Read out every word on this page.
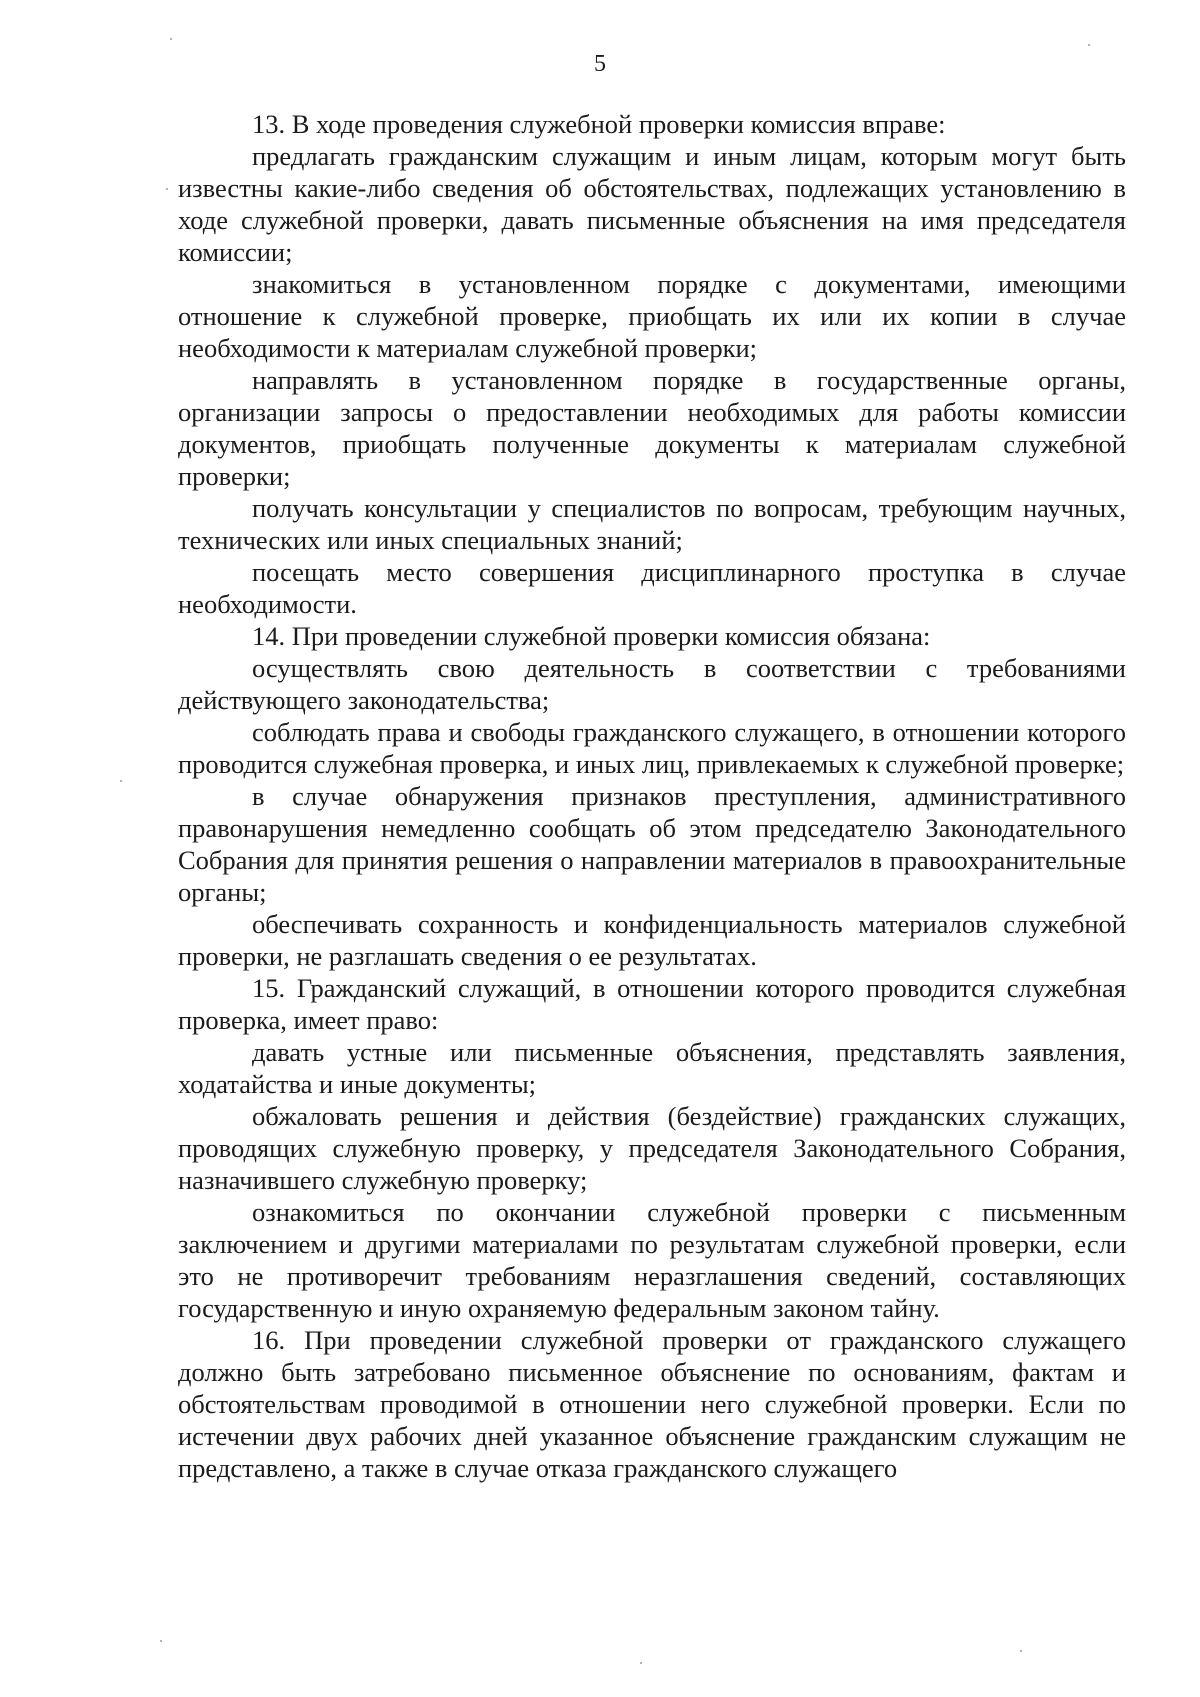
5

13. В ходе проведения служебной проверки комиссия вправе:

предлагать гражданским служащим и иным лицам, которым могут быть известны какие-либо сведения об обстоятельствах, подлежащих установлению в ходе служебной проверки, давать письменные объяснения на имя председателя комиссии;

знакомиться в установленном порядке с документами, имеющими отношение к служебной проверке, приобщать их или их копии в случае необходимости к материалам служебной проверки;

направлять в установленном порядке в государственные органы, организации запросы о предоставлении необходимых для работы комиссии документов, приобщать полученные документы к материалам служебной проверки;

получать консультации у специалистов по вопросам, требующим научных, технических или иных специальных знаний;

посещать место совершения дисциплинарного проступка в случае необходимости.

14. При проведении служебной проверки комиссия обязана:

осуществлять свою деятельность в соответствии с требованиями действующего законодательства;

соблюдать права и свободы гражданского служащего, в отношении которого проводится служебная проверка, и иных лиц, привлекаемых к служебной проверке;

в случае обнаружения признаков преступления, административного правонарушения немедленно сообщать об этом председателю Законодательного Собрания для принятия решения о направлении материалов в правоохранительные органы;

обеспечивать сохранность и конфиденциальность материалов служебной проверки, не разглашать сведения о ее результатах.

15. Гражданский служащий, в отношении которого проводится служебная проверка, имеет право:

давать устные или письменные объяснения, представлять заявления, ходатайства и иные документы;

обжаловать решения и действия (бездействие) гражданских служащих, проводящих служебную проверку, у председателя Законодательного Собрания, назначившего служебную проверку;

ознакомиться по окончании служебной проверки с письменным заключением и другими материалами по результатам служебной проверки, если это не противоречит требованиям неразглашения сведений, составляющих государственную и иную охраняемую федеральным законом тайну.

16. При проведении служебной проверки от гражданского служащего должно быть затребовано письменное объяснение по основаниям, фактам и обстоятельствам проводимой в отношении него служебной проверки. Если по истечении двух рабочих дней указанное объяснение гражданским служащим не представлено, а также в случае отказа гражданского служащего
